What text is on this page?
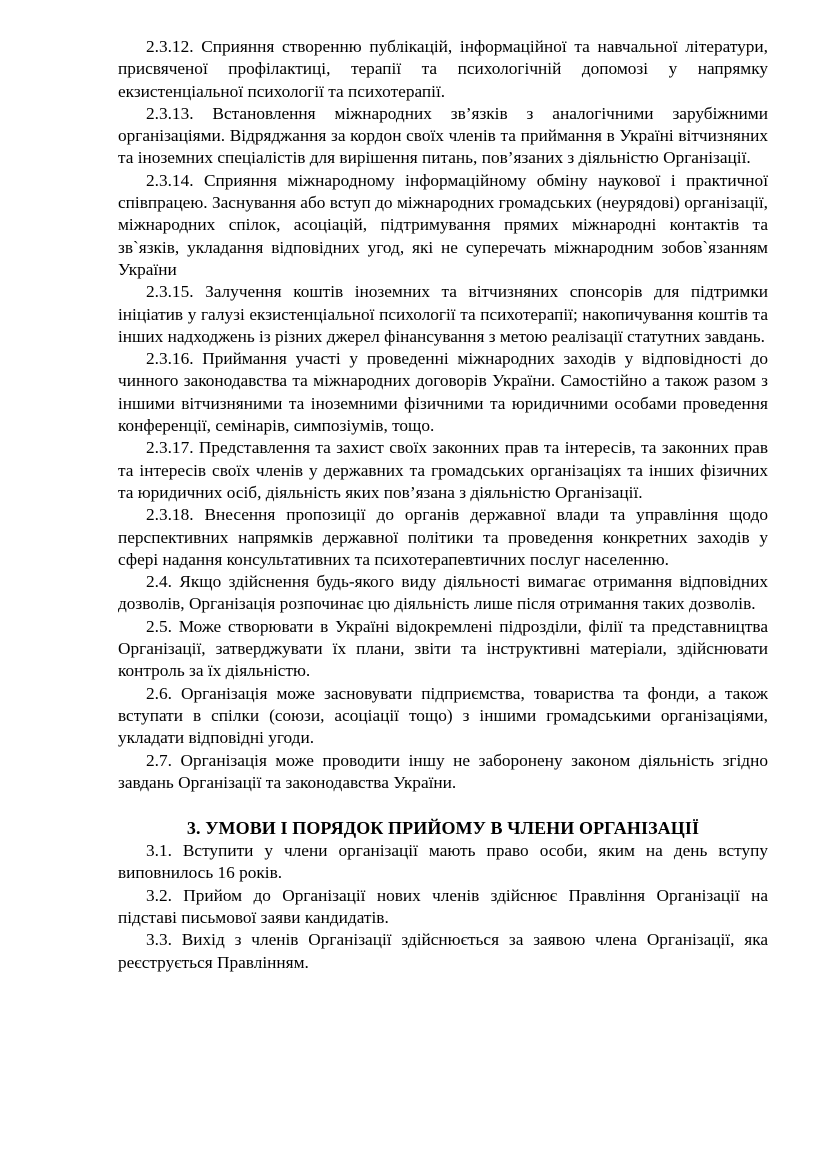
2.3.12. Сприяння створенню публікацій, інформаційної та навчальної літератури, присвяченої профілактиці, терапії та психологічній допомозі у напрямку екзистенціальної психології та психотерапії.

2.3.13. Встановлення міжнародних зв’язків з аналогічними зарубіжними організаціями. Відряджання за кордон своїх членів та приймання в Україні вітчизняних та іноземних спеціалістів для вирішення питань, пов’язаних з діяльністю Організації.

2.3.14. Сприяння міжнародному інформаційному обміну наукової і практичної співпрацею. Заснування або вступ до міжнародних громадських (неурядові) організації, міжнародних спілок, асоціацій, підтримування прямих міжнародні контактів та зв`язків, укладання відповідних угод, які не суперечать міжнародним зобов`язанням України

2.3.15. Залучення коштів іноземних та вітчизняних спонсорів для підтримки ініціатив у галузі екзистенціальної психології та психотерапії; накопичування коштів та інших надходжень із різних джерел фінансування з метою реалізації статутних завдань.

2.3.16. Приймання участі у проведенні міжнародних заходів у відповідності до чинного законодавства та міжнародних договорів України. Самостійно а також разом з іншими вітчизняними та іноземними фізичними та юридичними особами проведення конференції, семінарів, симпозіумів, тощо.

2.3.17. Представлення та захист своїх законних прав та інтересів, та законних прав та інтересів своїх членів у державних та громадських організаціях та інших фізичних та юридичних осіб, діяльність яких пов’язана з діяльністю Організації.

2.3.18. Внесення пропозиції до органів державної влади та управління щодо перспективних напрямків державної політики та проведення конкретних заходів у сфері надання консультативних та психотерапевтичних послуг населенню.

2.4. Якщо здійснення будь-якого виду діяльності вимагає отримання відповідних дозволів, Організація розпочинає цю діяльність лише після отримання таких дозволів.

2.5. Може створювати в Україні відокремлені підрозділи, філії та представництва Організації, затверджувати їх плани, звіти та інструктивні матеріали, здійснювати контроль за їх діяльністю.

2.6. Організація може засновувати підприємства, товариства та фонди, а також вступати в спілки (союзи, асоціації тощо) з іншими громадськими організаціями, укладати відповідні угоди.

2.7. Організація може проводити іншу не заборонену законом діяльність згідно завдань Організації та законодавства України.

3. УМОВИ І ПОРЯДОК ПРИЙОМУ В ЧЛЕНИ ОРГАНІЗАЦІЇ

3.1. Вступити у члени організації мають право особи, яким на день вступу виповнилось 16 років.

3.2. Прийом до Організації нових членів здійснює Правління Організації на підставі письмової заяви кандидатів.

3.3. Вихід з членів Організації здійснюється за заявою члена Організації, яка реєструється Правлінням.
